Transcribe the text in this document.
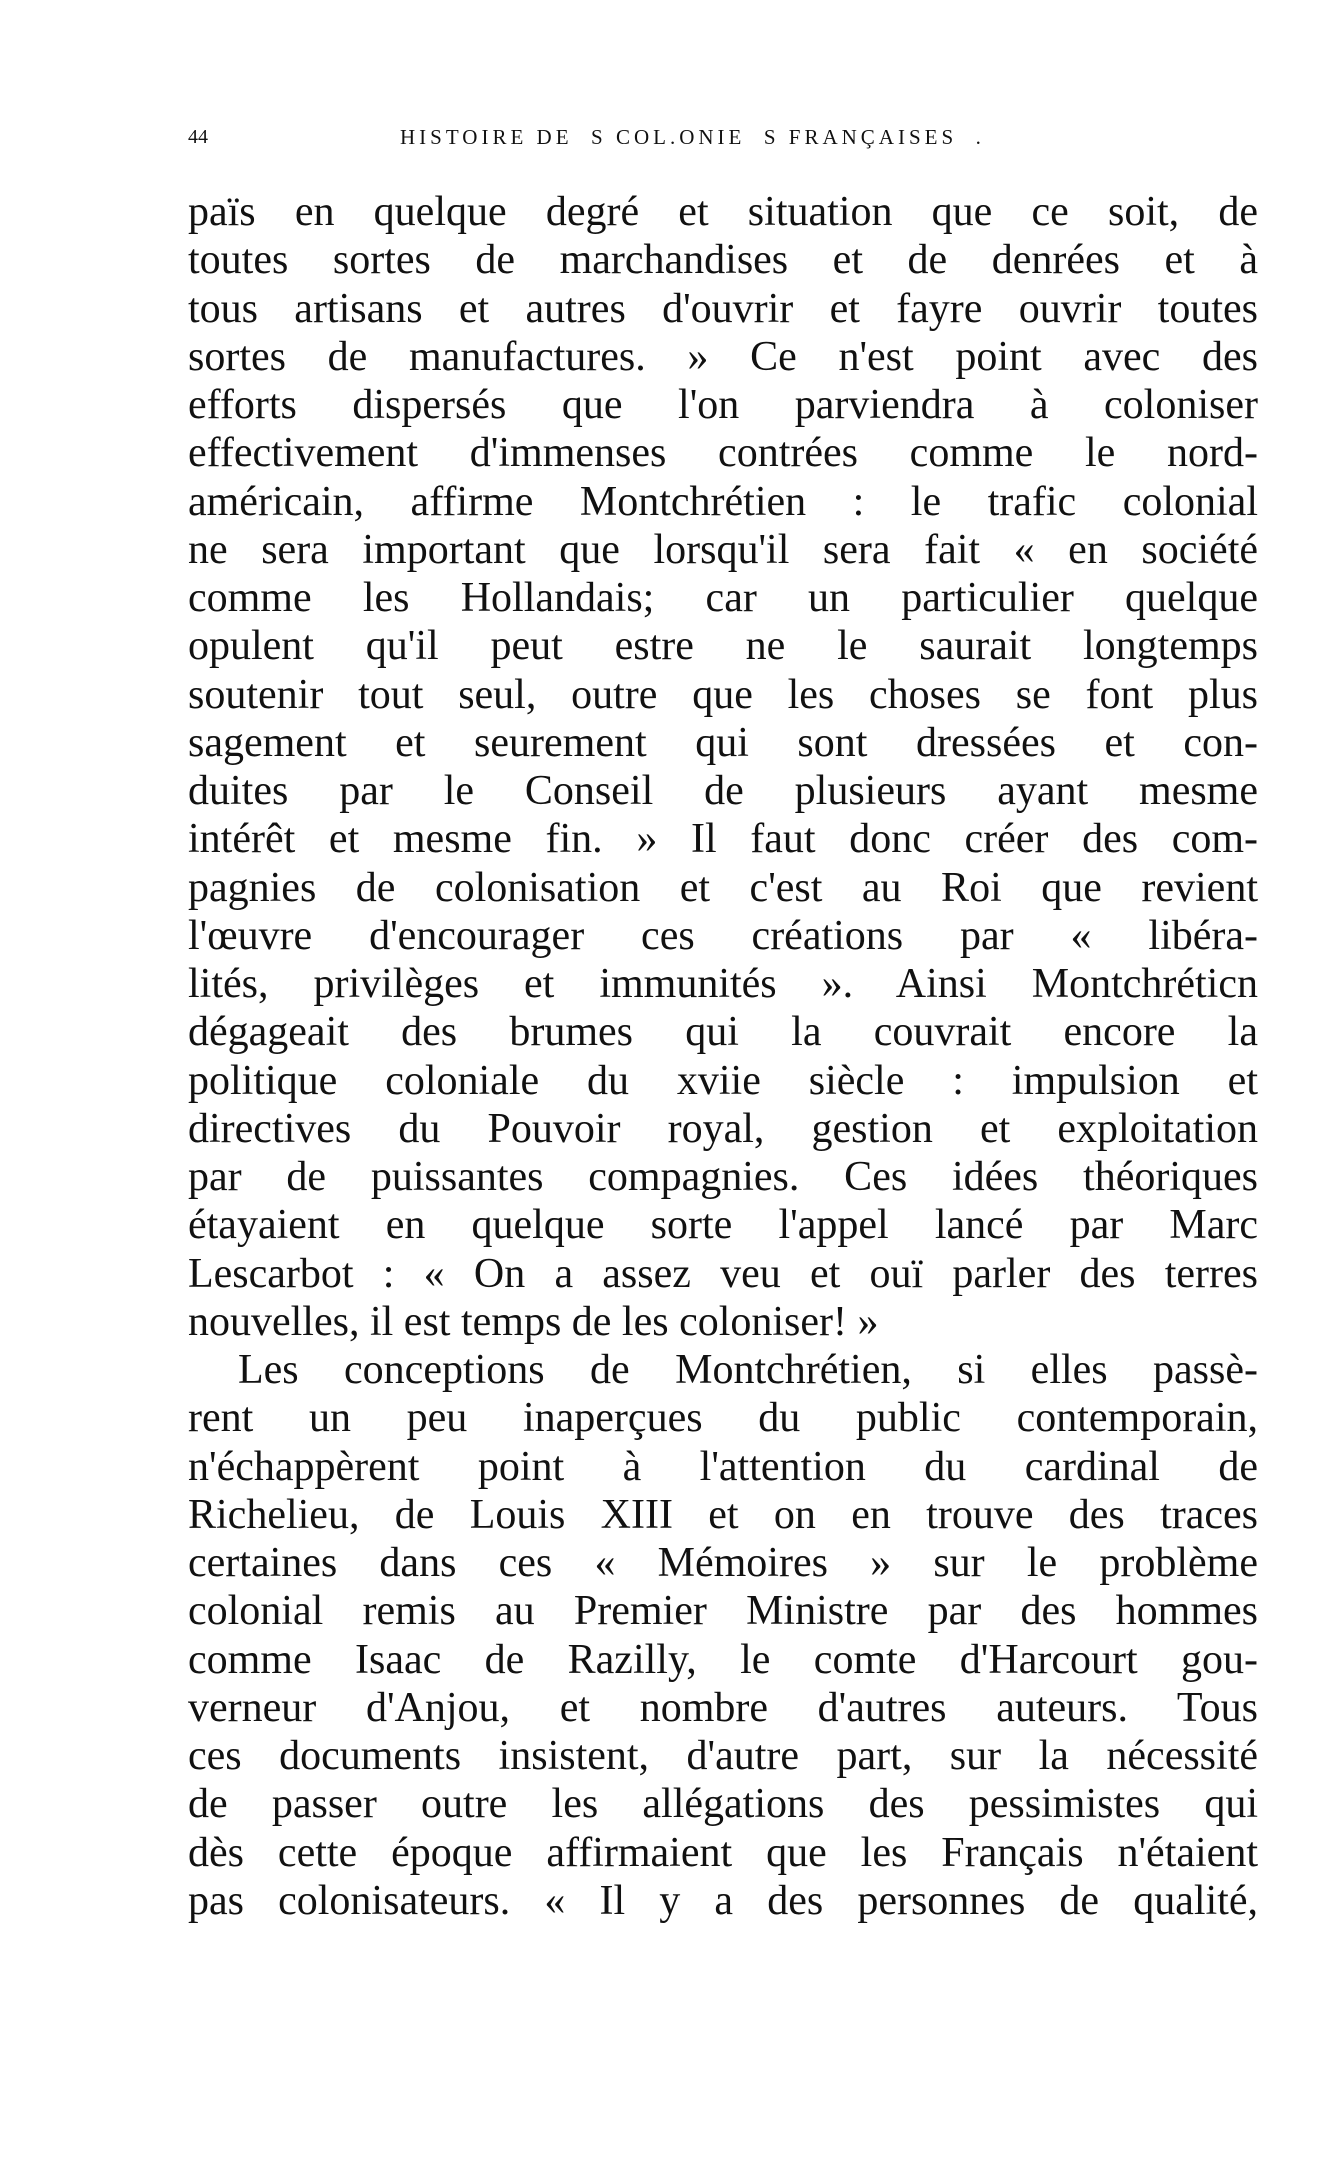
44

	HISTOIRE DE  S COL.ONIE  S FRANÇAISES  .

païs en quelque degré et situation que ce soit, de
toutes sortes de marchandises et de denrées et à
tous artisans et autres d'ouvrir et fayre ouvrir toutes
sortes de manufactures. » Ce n'est point avec des
efforts dispersés que l'on parviendra à coloniser
effectivement d'immenses contrées comme le nord-
américain, affirme Montchrétien : le trafic colonial
ne sera important que lorsqu'il sera fait « en société
comme les Hollandais; car un particulier quelque
opulent qu'il peut estre ne le saurait longtemps
soutenir tout seul, outre que les choses se font plus
sagement et seurement qui sont dressées et con-
duites par le Conseil de plusieurs ayant mesme
intérêt et mesme fin. » Il faut donc créer des com-
pagnies de colonisation et c'est au Roi que revient
l'œuvre d'encourager ces créations par « libéra-
lités, privilèges et immunités ». Ainsi Montchréticn
dégageait des brumes qui la couvrait encore la
politique coloniale du xviie siècle : impulsion et
directives du Pouvoir royal, gestion et exploitation
par de puissantes compagnies. Ces idées théoriques
étayaient en quelque sorte l'appel lancé par Marc
Lescarbot : « On a assez veu et ouï parler des terres
nouvelles, il est temps de les coloniser! »
Les conceptions de Montchrétien, si elles passè-
rent un peu inaperçues du public contemporain,
n'échappèrent point à l'attention du cardinal de
Richelieu, de Louis XIII et on en trouve des traces
certaines dans ces « Mémoires » sur le problème
colonial remis au Premier Ministre par des hommes
comme Isaac de Razilly, le comte d'Harcourt gou-
verneur d'Anjou, et nombre d'autres auteurs. Tous
ces documents insistent, d'autre part, sur la nécessité
de passer outre les allégations des pessimistes qui
dès cette époque affirmaient que les Français n'étaient
pas colonisateurs. « Il y a des personnes de qualité,
